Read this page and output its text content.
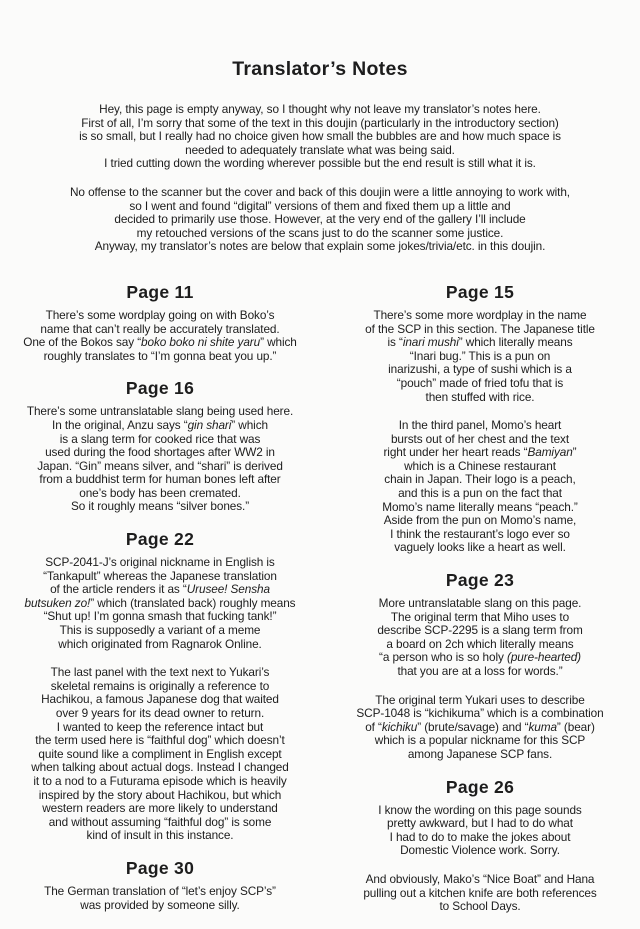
Translator’s Notes
Hey, this page is empty anyway, so I thought why not leave my translator’s notes here.
First of all, I’m sorry that some of the text in this doujin (particularly in the introductory section)
is so small, but I really had no choice given how small the bubbles are and how much space is
needed to adequately translate what was being said.
I tried cutting down the wording wherever possible but the end result is still what it is.
No offense to the scanner but the cover and back of this doujin were a little annoying to work with,
so I went and found “digital” versions of them and fixed them up a little and
decided to primarily use those. However, at the very end of the gallery I’ll include
my retouched versions of the scans just to do the scanner some justice.
Anyway, my translator’s notes are below that explain some jokes/trivia/etc. in this doujin.
Page 11
There’s some wordplay going on with Boko’s
name that can’t really be accurately translated.
One of the Bokos say “boko boko ni shite yaru” which
roughly translates to “I’m gonna beat you up.”
Page 16
There’s some untranslatable slang being used here.
In the original, Anzu says “gin shari” which
is a slang term for cooked rice that was
used during the food shortages after WW2 in
Japan. “Gin” means silver, and “shari” is derived
from a buddhist term for human bones left after
one’s body has been cremated.
So it roughly means “silver bones.”
Page 22
SCP-2041-J’s original nickname in English is
“Tankapult” whereas the Japanese translation
of the article renders it as “Urusee! Sensha
butsuken zo!” which (translated back) roughly means
“Shut up! I’m gonna smash that fucking tank!”
This is supposedly a variant of a meme
which originated from Ragnarok Online.
The last panel with the text next to Yukari’s
skeletal remains is originally a reference to
Hachikou, a famous Japanese dog that waited
over 9 years for its dead owner to return.
I wanted to keep the reference intact but
the term used here is “faithful dog” which doesn’t
quite sound like a compliment in English except
when talking about actual dogs. Instead I changed
it to a nod to a Futurama episode which is heavily
inspired by the story about Hachikou, but which
western readers are more likely to understand
and without assuming “faithful dog” is some
kind of insult in this instance.
Page 30
The German translation of “let’s enjoy SCP’s”
was provided by someone silly.
Page 15
There’s some more wordplay in the name
of the SCP in this section. The Japanese title
is “inari mushi” which literally means
“Inari bug.” This is a pun on
inarizushi, a type of sushi which is a
“pouch” made of fried tofu that is
then stuffed with rice.
In the third panel, Momo’s heart
bursts out of her chest and the text
right under her heart reads “Bamiyan”
which is a Chinese restaurant
chain in Japan. Their logo is a peach,
and this is a pun on the fact that
Momo’s name literally means “peach.”
Aside from the pun on Momo’s name,
I think the restaurant’s logo ever so
vaguely looks like a heart as well.
Page 23
More untranslatable slang on this page.
The original term that Miho uses to
describe SCP-2295 is a slang term from
a board on 2ch which literally means
“a person who is so holy (pure-hearted)
that you are at a loss for words.”
The original term Yukari uses to describe
SCP-1048 is “kichikuma” which is a combination
of “kichiku” (brute/savage) and “kuma” (bear)
which is a popular nickname for this SCP
among Japanese SCP fans.
Page 26
I know the wording on this page sounds
pretty awkward, but I had to do what
I had to do to make the jokes about
Domestic Violence work. Sorry.
And obviously, Mako’s “Nice Boat” and Hana
pulling out a kitchen knife are both references
to School Days.
